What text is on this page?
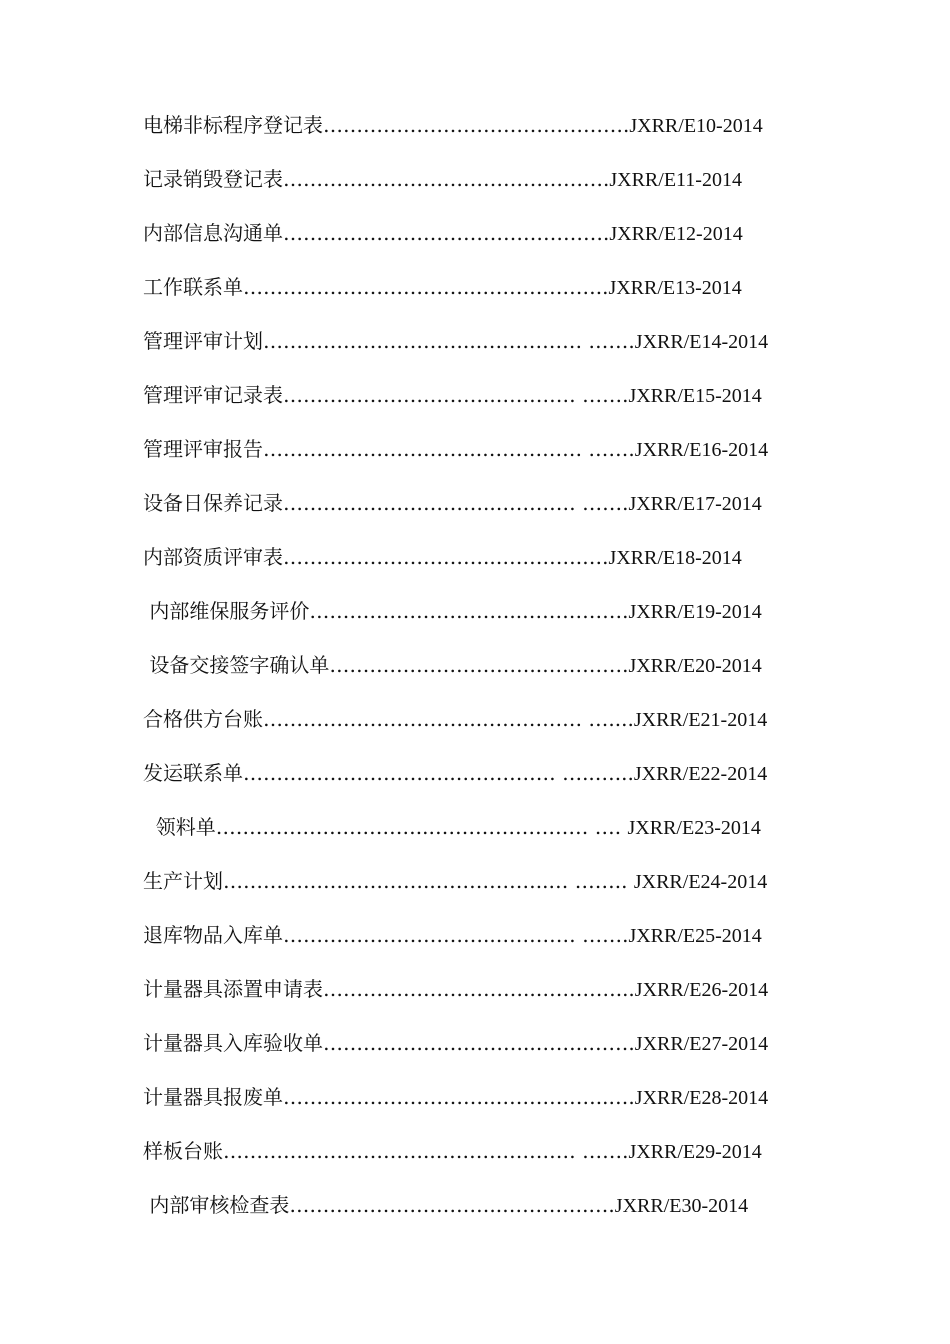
电梯非标程序登记表……………………………………….JXRR/E10-2014
记录销毁登记表………………………………………….JXRR/E11-2014
内部信息沟通单………………………………………….JXRR/E12-2014
工作联系单……………………………..………………..JXRR/E13-2014
管理评审计划…………………………...…………… …….JXRR/E14-2014
管理评审记录表…………………………..………… …….JXRR/E15-2014
管理评审报告…………………………...…………… …….JXRR/E16-2014
设备日保养记录…………………………..………… …….JXRR/E17-2014
内部资质评审表…………………………..………….….JXRR/E18-2014
内部维保服务评价…………………………..…………….JXRR/E19-2014
设备交接签字确认单…………………………..………….JXRR/E20-2014
合格供方台账…………………………...…………… …....JXRR/E21-2014
发运联系单…………………………..…………… …..…...JXRR/E22-2014
领料单…………………………..…………………… …. JXRR/E23-2014
生产计划…………………………..……………..… …….. JXRR/E24-2014
退库物品入库单…………………………..………… …….JXRR/E25-2014
计量器具添置申请表…………………………..…………...JXRR/E26-2014
计量器具入库验收单…………………………..……..…….JXRR/E27-2014
计量器具报废单…………………………..……………..….JXRR/E28-2014
样板台账…………………………..………………… …….JXRR/E29-2014
内部审核检查表…………………………..………….….JXRR/E30-2014
